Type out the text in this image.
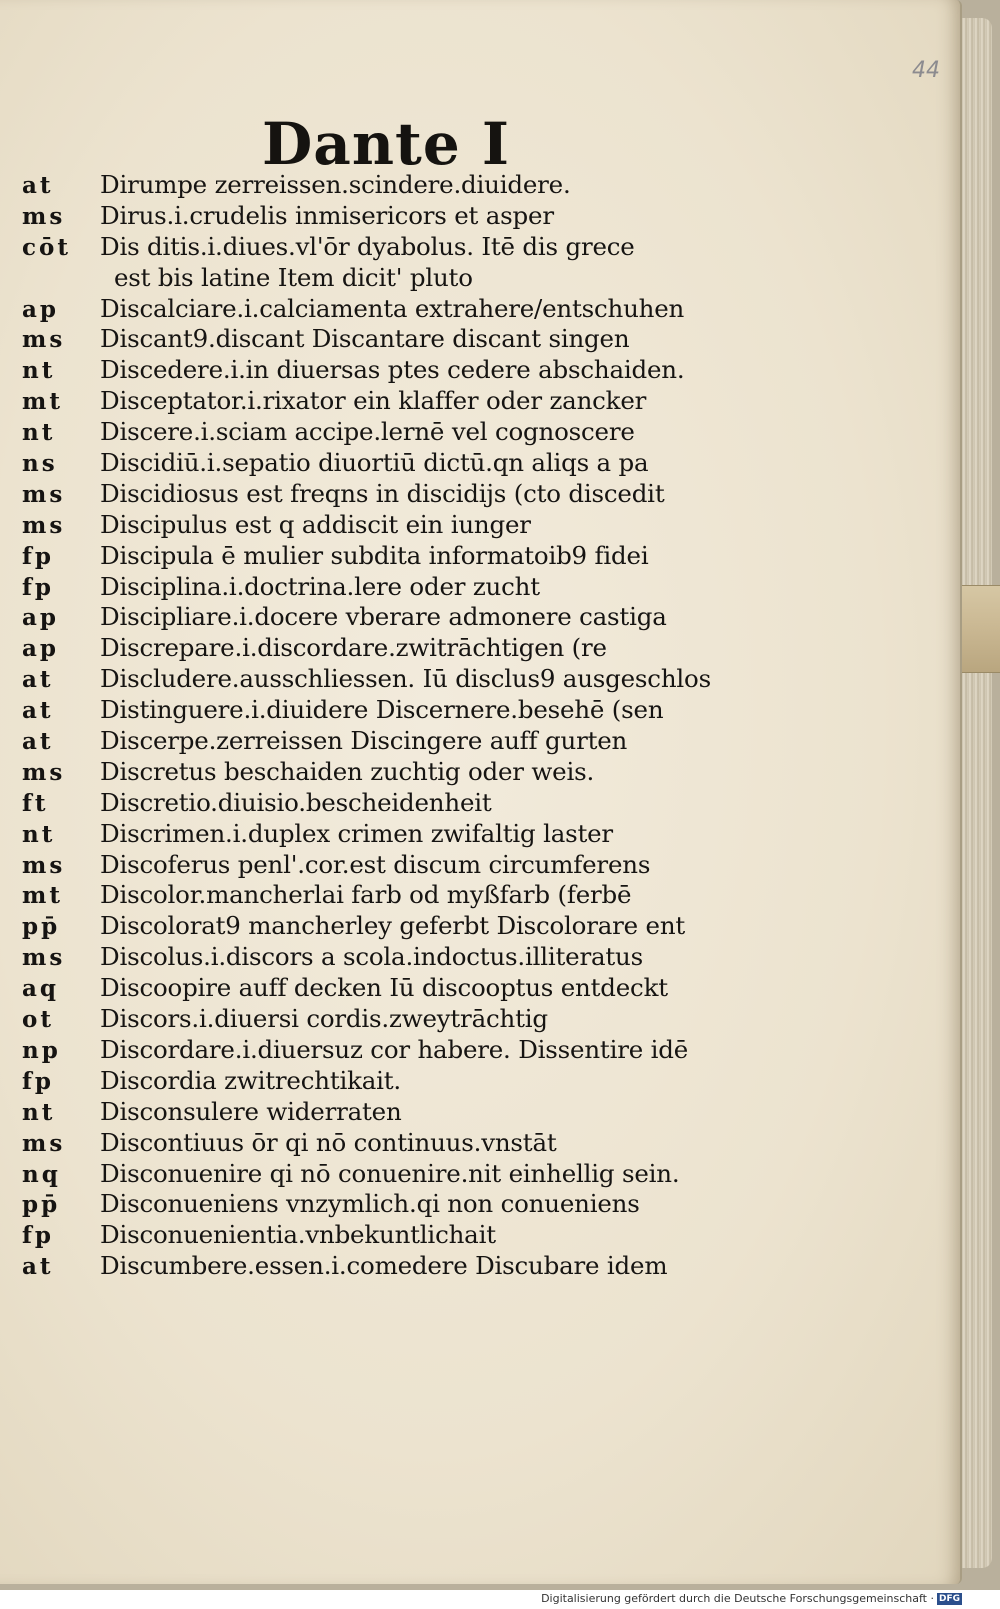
44
Dante I
at	Dirumpe zerreissen.scindere.diuidere.
ms	Dirus.i.crudelis inmisericors et asper
cōt	Dis ditis.i.diues.vl'ōr dyabolus. Itē dis grece
est bis latine Item dicit' pluto
ap	Discalciare.i.calciamenta extrahere/entschuhen
ms	Discant9.discant Discantare discant singen
nt	Discedere.i.in diuersas ptes cedere abschaiden.
mt	Disceptator.i.rixator ein klaffer oder zancker
nt	Discere.i.sciam accipe.lernē vel cognoscere
ns	Discidiū.i.sepatio diuortiū dictū.qn aliqs a pa
ms	Discidiosus est freqns in discidijs (cto discedit
ms	Discipulus est q addiscit ein iunger
fp	Discipula ē mulier subdita informatoib9 fidei
fp	Disciplina.i.doctrina.lere oder zucht
ap	Discipliare.i.docere vberare admonere castiga
ap	Discrepare.i.discordare.zwitrāchtigen (re
at	Discludere.ausschliessen. Iū disclus9 ausgeschlos
at	Distinguere.i.diuidere Discernere.besehē (sen
at	Discerpe.zerreissen Discingere auff gurten
ms	Discretus beschaiden zuchtig oder weis.
ft	Discretio.diuisio.bescheidenheit
nt	Discrimen.i.duplex crimen zwifaltig laster
ms	Discoferus penl'.cor.est discum circumferens
mt	Discolor.mancherlai farb od myßfarb (ferbē
pp̄	Discolorat9 mancherley geferbt Discolorare ent
ms	Discolus.i.discors a scola.indoctus.illiteratus
aq	Discoopire auff decken Iū discooptus entdeckt
ot	Discors.i.diuersi cordis.zweytrāchtig
np	Discordare.i.diuersuz cor habere. Dissentire idē
fp	Discordia zwitrechtikait.
nt	Disconsulere widerraten
ms	Discontiuus ōr qi nō continuus.vnstāt
nq	Disconuenire qi nō conuenire.nit einhellig sein.
pp̄	Disconueniens vnzymlich.qi non conueniens
fp	Disconuenientia.vnbekuntlichait
at	Discumbere.essen.i.comedere Discubare idem
Digitalisierung gefördert durch die Deutsche Forschungsgemeinschaft · DFG
